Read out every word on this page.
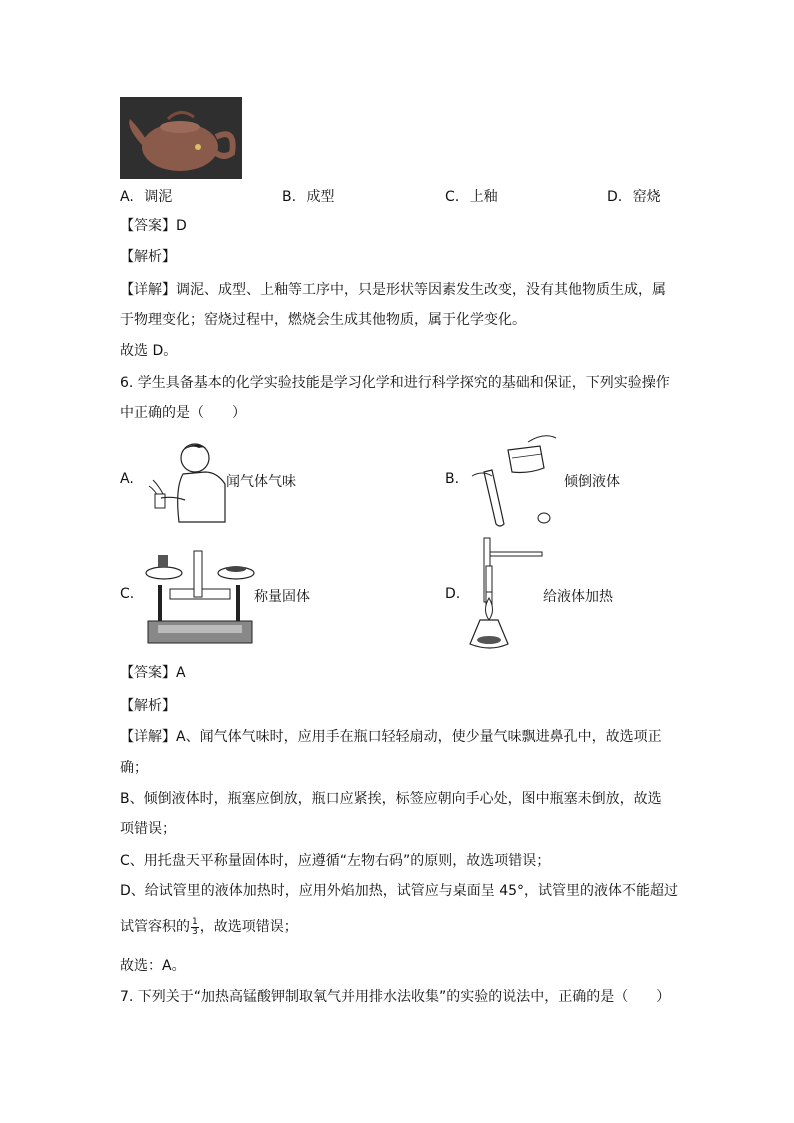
A. 调泥	B. 成型	C. 上釉	D. 窑烧
【答案】D
【解析】
【详解】调泥、成型、上釉等工序中，只是形状等因素发生改变，没有其他物质生成，属
于物理变化；窑烧过程中，燃烧会生成其他物质，属于化学变化。
故选 D。
6. 学生具备基本的化学实验技能是学习化学和进行科学探究的基础和保证，下列实验操作
中正确的是（　　）
A.	闻气体气味	B.	倾倒液体
C.	称量固体	D.	给液体加热
【答案】A
【解析】
【详解】A、闻气体气味时，应用手在瓶口轻轻扇动，使少量气味飘进鼻孔中，故选项正
确；
B、倾倒液体时，瓶塞应倒放，瓶口应紧挨，标签应朝向手心处，图中瓶塞未倒放，故选
项错误；
C、用托盘天平称量固体时，应遵循“左物右码”的原则，故选项错误；
D、给试管里的液体加热时，应用外焰加热，试管应与桌面呈 45°，试管里的液体不能超过
试管容积的 $\frac{1}{3}$ ，故选项错误；
故选：A。
7. 下列关于“加热高锰酸钾制取氧气并用排水法收集”的实验的说法中，正确的是（　　）
